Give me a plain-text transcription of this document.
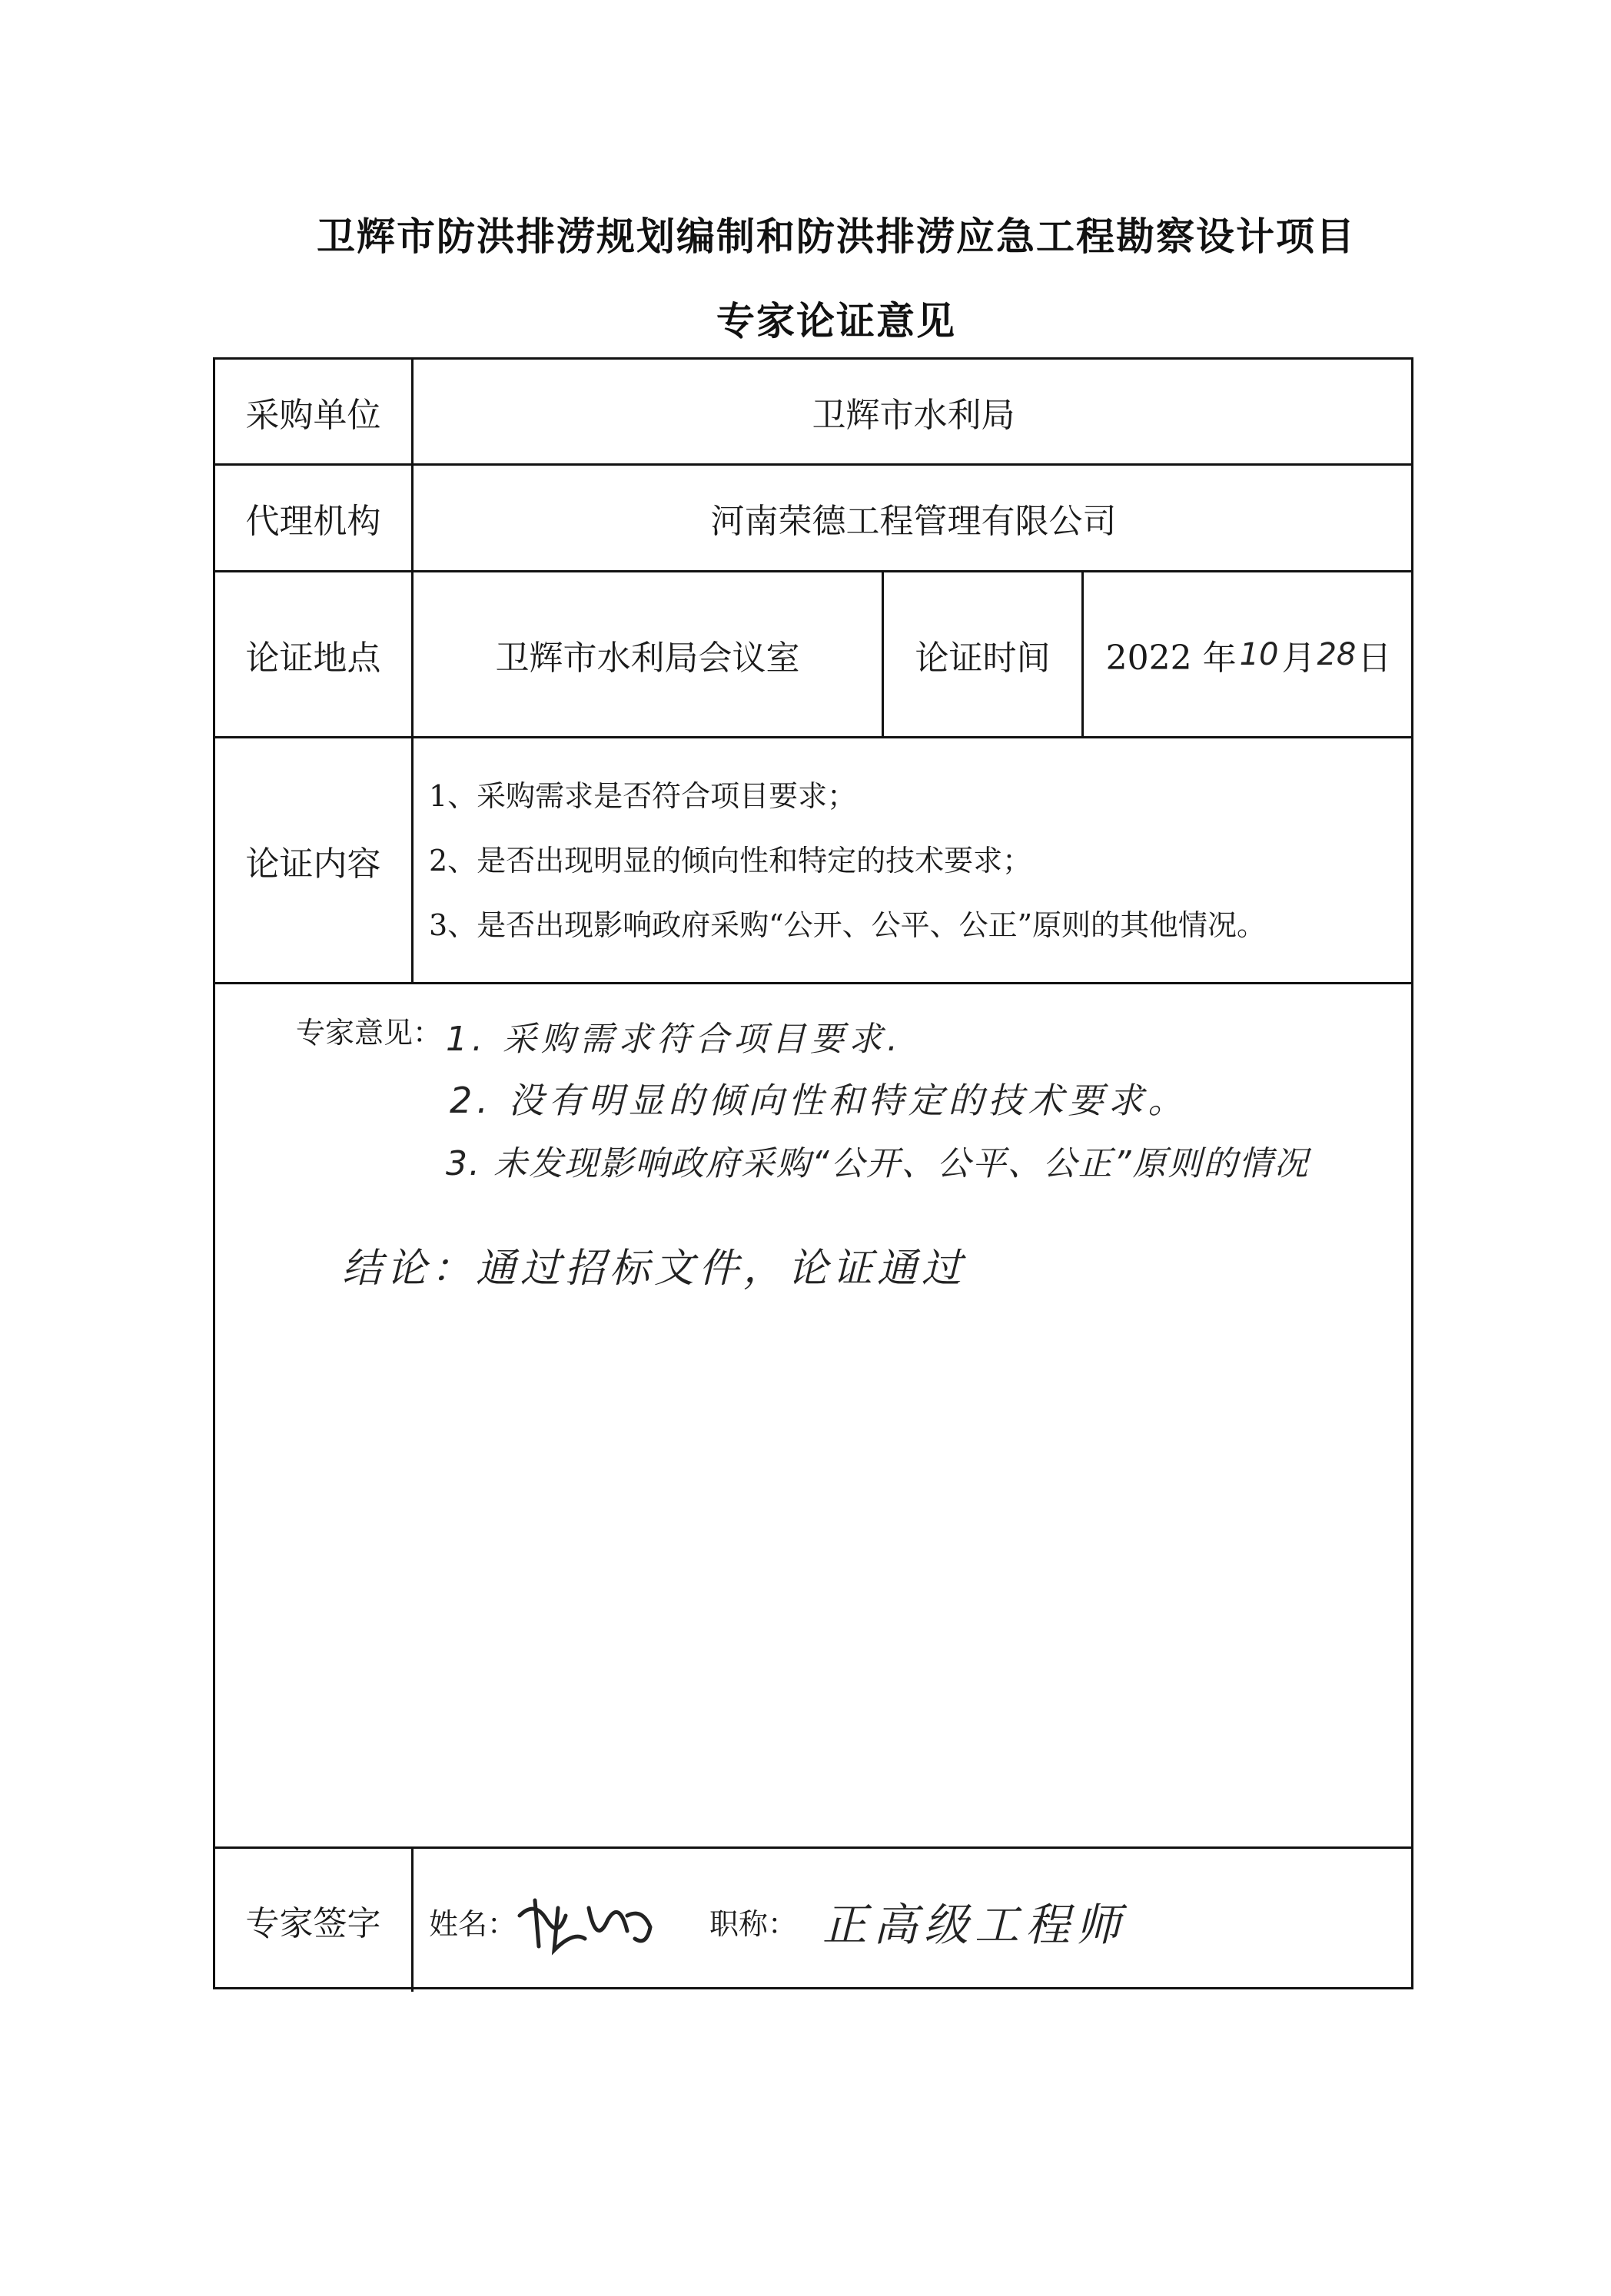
卫辉市防洪排涝规划编制和防洪排涝应急工程勘察设计项目
专家论证意见
采购单位	卫辉市水利局
代理机构	河南荣德工程管理有限公司
论证地点	卫辉市水利局会议室	论证时间	2022 年 10 月 28 日
论证内容
1、采购需求是否符合项目要求；
2、是否出现明显的倾向性和特定的技术要求；
3、是否出现影响政府采购“公开、公平、公正”原则的其他情况。
专家意见： 1. 采购需求符合项目要求.
2. 没有明显的倾向性和特定的技术要求。
3. 未发现影响政府采购“公开、公平、公正”原则的情况
结论：通过招标文件，论证通过
专家签字	姓名：	职称： 正高级工程师
